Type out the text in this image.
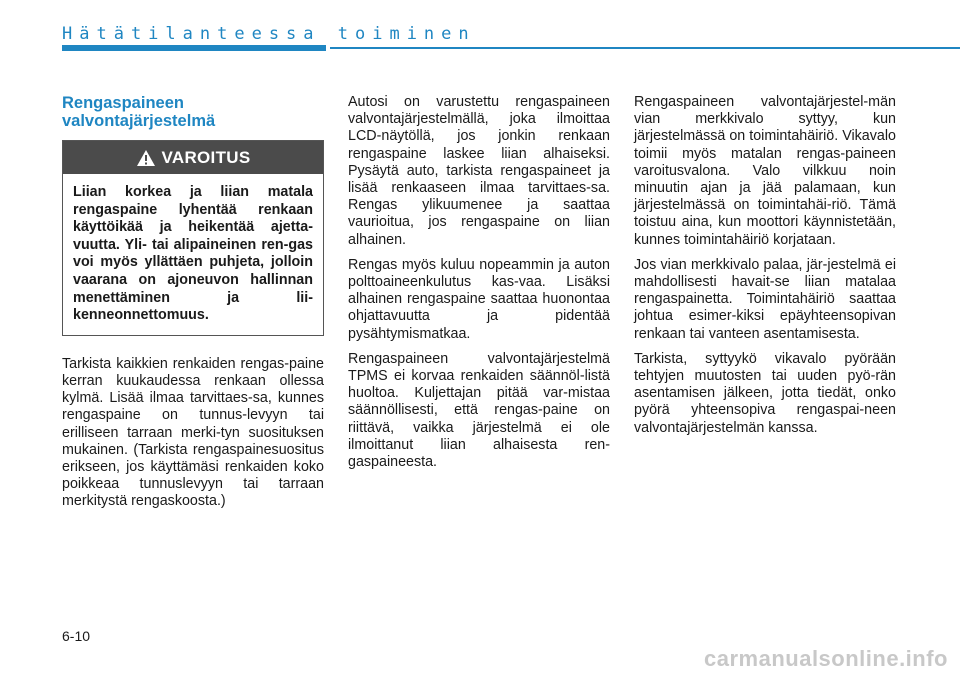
Hätätilanteessa toiminen
Rengaspaineen valvontajärjestelmä
VAROITUS
Liian korkea ja liian matala rengaspaine lyhentää renkaan käyttöikää ja heikentää ajetta-vuutta. Yli- tai alipaineinen ren-gas voi myös yllättäen puhjeta, jolloin vaarana on ajoneuvon hallinnan menettäminen ja lii-kenneonnettomuus.

Tarkista kaikkien renkaiden rengas-paine kerran kuukaudessa renkaan ollessa kylmä. Lisää ilmaa tarvittaes-sa, kunnes rengaspaine on tunnus-levyyn tai erilliseen tarraan merki-tyn suosituksen mukainen. (Tarkista rengaspainesuositus erikseen, jos käyttämäsi renkaiden koko poikkeaa tunnuslevyyn tai tarraan merkitystä rengaskoosta.)

Autosi on varustettu rengaspaineen valvontajärjestelmällä, joka ilmoittaa LCD-näytöllä, jos jonkin renkaan rengaspaine laskee liian alhaiseksi. Pysäytä auto, tarkista rengaspaineet ja lisää renkaaseen ilmaa tarvittaes-sa. Rengas ylikuumenee ja saattaa vaurioitua, jos rengaspaine on liian alhainen.

Rengas myös kuluu nopeammin ja auton polttoaineenkulutus kas-vaa. Lisäksi alhainen rengaspaine saattaa huonontaa ohjattavuutta ja pidentää pysähtymismatkaa.

Rengaspaineen valvontajärjestelmä TPMS ei korvaa renkaiden säännöl-listä huoltoa. Kuljettajan pitää var-mistaa säännöllisesti, että rengas-paine on riittävä, vaikka järjestelmä ei ole ilmoittanut liian alhaisesta ren-gaspaineesta.

Rengaspaineen valvontajärjestel-män vian merkkivalo syttyy, kun järjestelmässä on toimintahäiriö. Vikavalo toimii myös matalan rengas-paineen varoitusvalona. Valo vilkkuu noin minuutin ajan ja jää palamaan, kun järjestelmässä on toimintahäi-riö. Tämä toistuu aina, kun moottori käynnistetään, kunnes toimintahäiriö korjataan.

Jos vian merkkivalo palaa, jär-jestelmä ei mahdollisesti havait-se liian matalaa rengaspainetta. Toimintahäiriö saattaa johtua esimer-kiksi epäyhteensopivan renkaan tai vanteen asentamisesta.

Tarkista, syttyykö vikavalo pyörään tehtyjen muutosten tai uuden pyö-rän asentamisen jälkeen, jotta tiedät, onko pyörä yhteensopiva rengaspai-neen valvontajärjestelmän kanssa.

6-10
carmanualsonline.info
